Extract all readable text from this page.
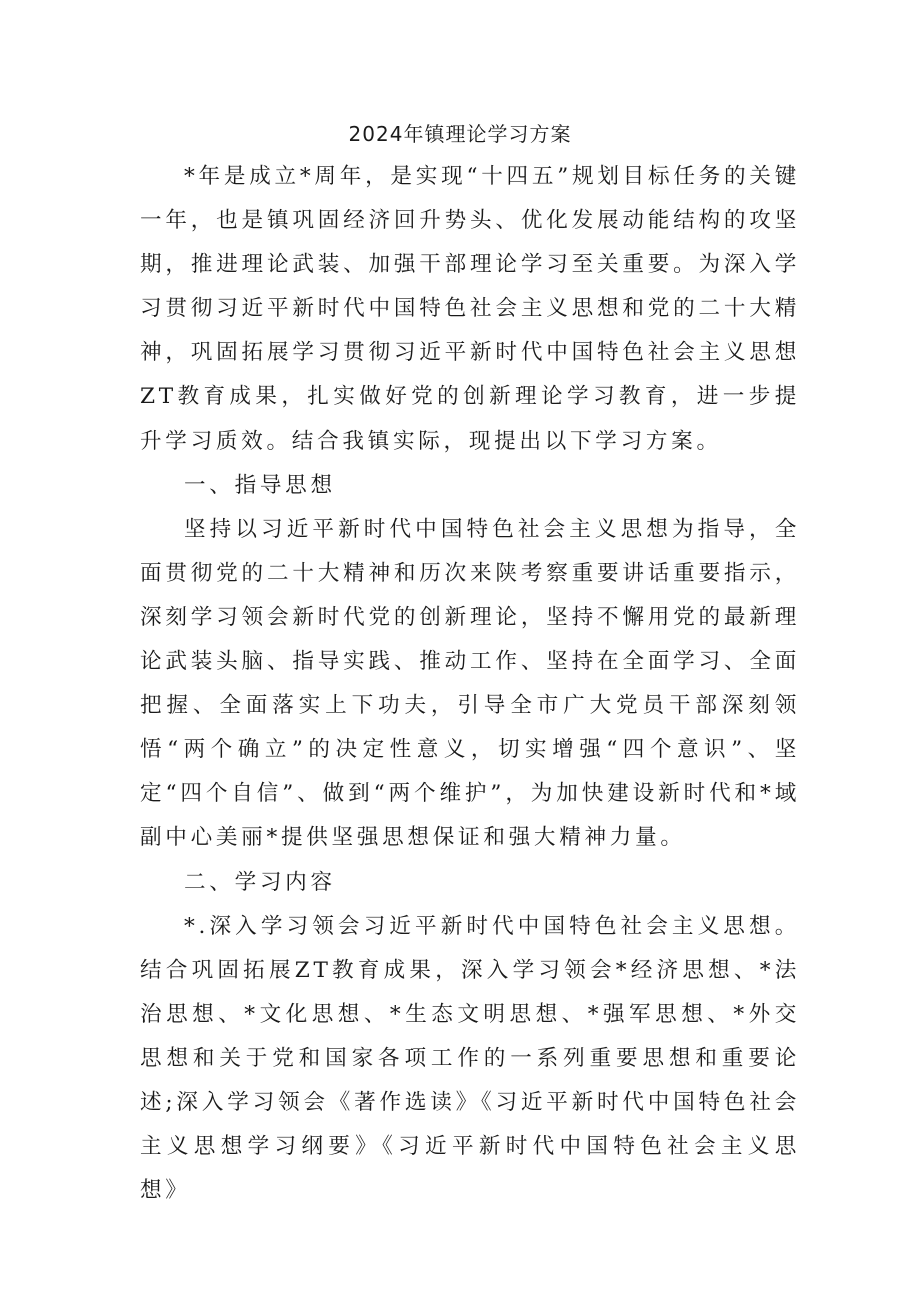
2024年镇理论学习方案

*年是成立*周年，是实现“十四五”规划目标任务的关键一年，也是镇巩固经济回升势头、优化发展动能结构的攻坚期，推进理论武装、加强干部理论学习至关重要。为深入学习贯彻习近平新时代中国特色社会主义思想和党的二十大精神，巩固拓展学习贯彻习近平新时代中国特色社会主义思想ZT教育成果，扎实做好党的创新理论学习教育，进一步提升学习质效。结合我镇实际，现提出以下学习方案。

一、指导思想

坚持以习近平新时代中国特色社会主义思想为指导，全面贯彻党的二十大精神和历次来陕考察重要讲话重要指示，深刻学习领会新时代党的创新理论，坚持不懈用党的最新理论武装头脑、指导实践、推动工作、坚持在全面学习、全面把握、全面落实上下功夫，引导全市广大党员干部深刻领悟“两个确立”的决定性意义，切实增强“四个意识”、坚定“四个自信”、做到“两个维护”，为加快建设新时代和*域副中心美丽*提供坚强思想保证和强大精神力量。

二、学习内容

*.深入学习领会习近平新时代中国特色社会主义思想。结合巩固拓展ZT教育成果，深入学习领会*经济思想、*法治思想、*文化思想、*生态文明思想、*强军思想、*外交思想和关于党和国家各项工作的一系列重要思想和重要论述;深入学习领会《著作选读》《习近平新时代中国特色社会主义思想学习纲要》《习近平新时代中国特色社会主义思想》
